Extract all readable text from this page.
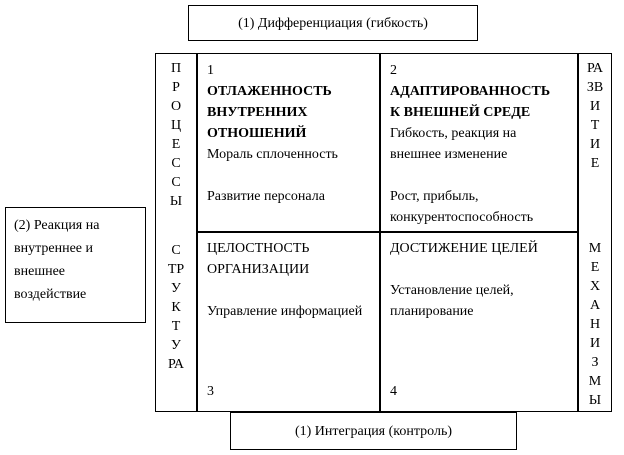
(1) Дифференциация (гибкость)
(2) Реакция на внутреннее и внешнее воздействие
ПРОЦЕССЫ
СТРУКТУРА
РАЗВИТИЕ
МЕХАНИЗМЫ
1
ОТЛАЖЕННОСТЬ ВНУТРЕННИХ ОТНОШЕНИЙ
Мораль сплоченность
Развитие персонала
2
АДАПТИРОВАННОСТЬ К ВНЕШНЕЙ СРЕДЕ
Гибкость, реакция на внешнее изменение
Рост, прибыль, конкурентоспособность
ЦЕЛОСТНОСТЬ ОРГАНИЗАЦИИ
Управление информацией
3
ДОСТИЖЕНИЕ ЦЕЛЕЙ
Установление целей, планирование
4
(1) Интеграция (контроль)
